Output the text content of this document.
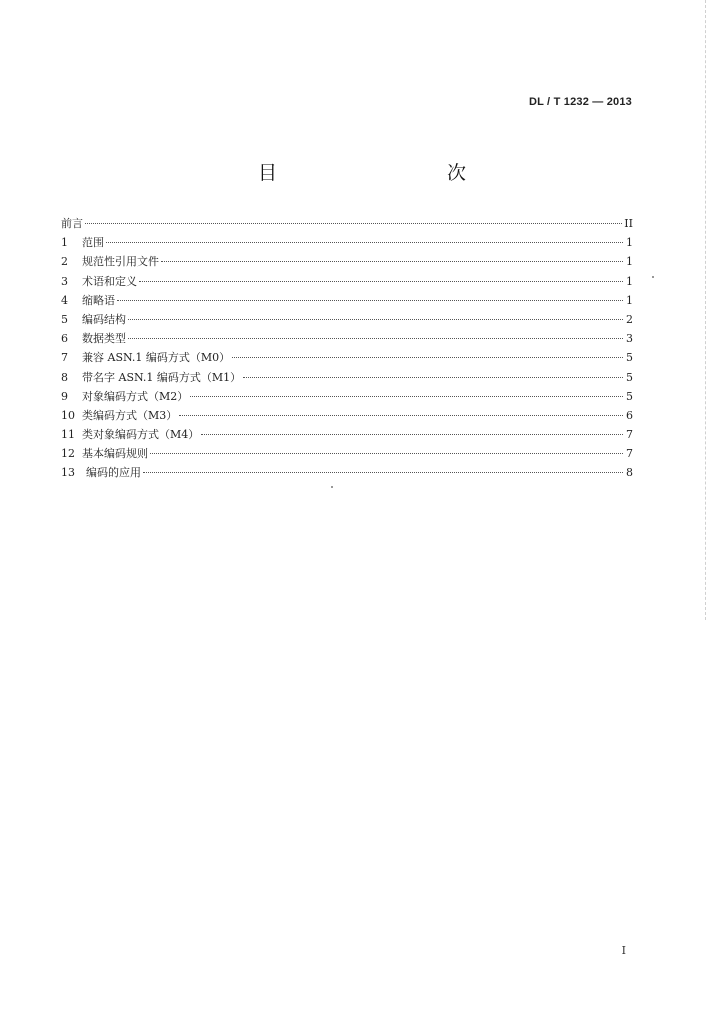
DL / T 1232 — 2013
目　　次
前言	II
1	范围	1
2	规范性引用文件	1
3	术语和定义	1
4	缩略语	1
5	编码结构	2
6	数据类型	3
7	兼容 ASN.1 编码方式（M0）	5
8	带名字 ASN.1 编码方式（M1）	5
9	对象编码方式（M2）	5
10 类编码方式（M3）	6
11 类对象编码方式（M4）	7
12 基本编码规则	7
13	编码的应用	8
I
